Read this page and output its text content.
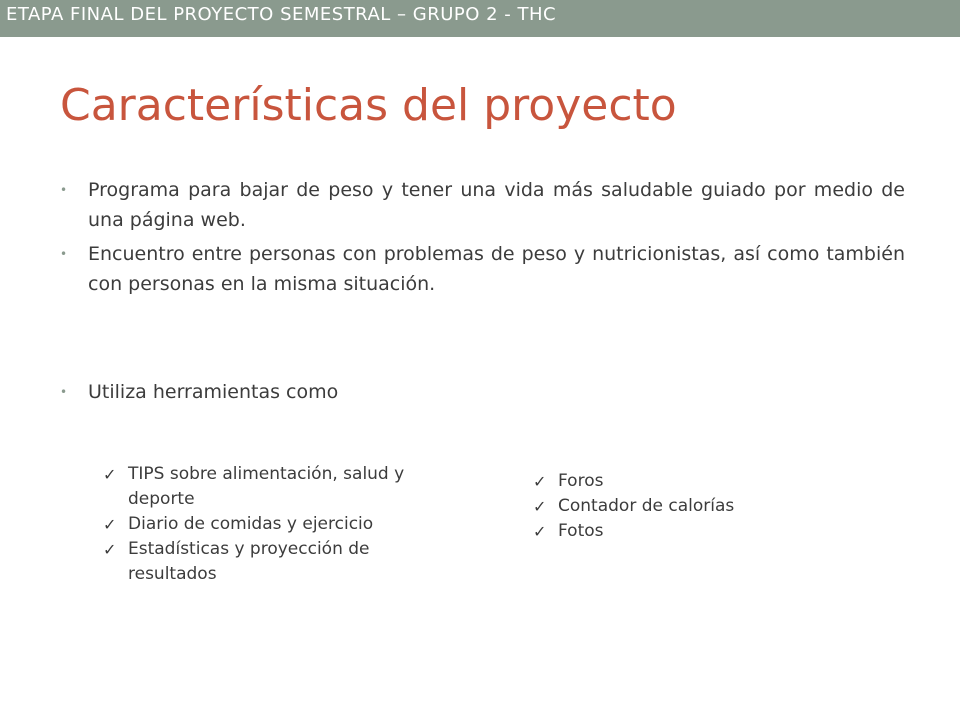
ETAPA FINAL DEL PROYECTO SEMESTRAL – GRUPO 2 - THC
Características del proyecto
• Programa para bajar de peso y tener una vida más saludable guiado por medio de una página web.
• Encuentro entre personas con problemas de peso y nutricionistas, así como también con personas en la misma situación.
• Utiliza herramientas como
✓ TIPS sobre alimentación, salud y deporte
✓ Diario de comidas y ejercicio
✓ Estadísticas y proyección de resultados
✓ Foros
✓ Contador de calorías
✓ Fotos
